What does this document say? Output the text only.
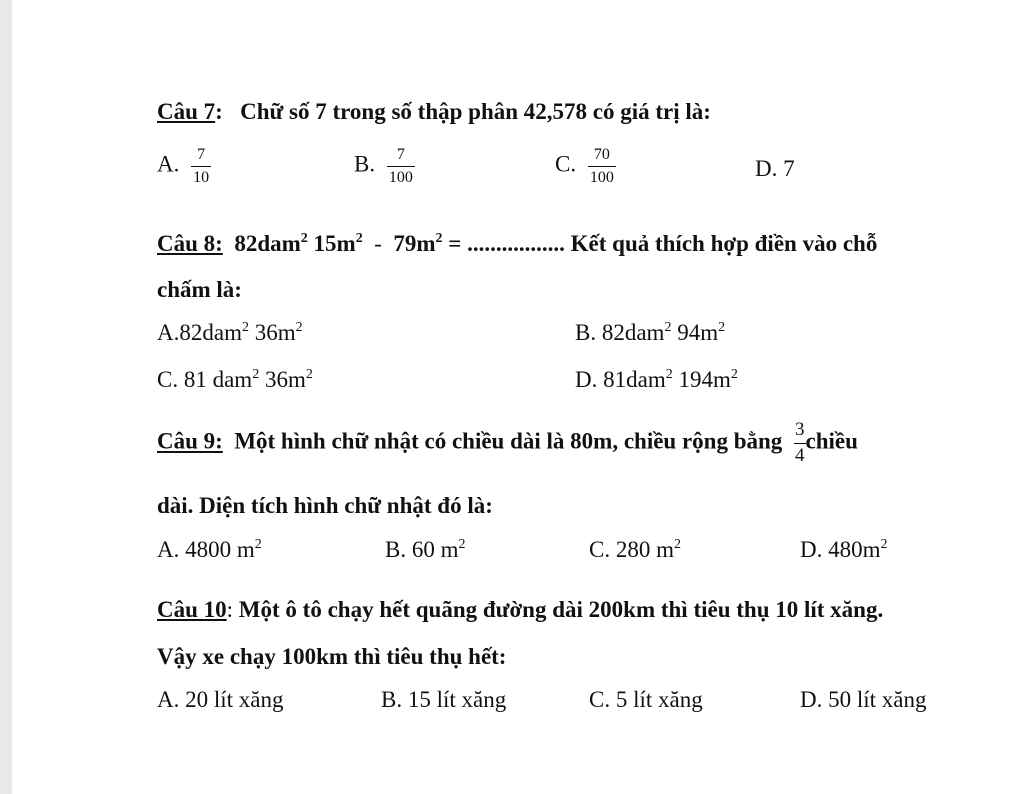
Câu 7: Chữ số 7 trong số thập phân 42,578 có giá trị là:
A. $\frac{7}{10}$	B. $\frac{7}{100}$	C. $\frac{70}{100}$	D. 7
Câu 8: 82dam$^2$ $15m^2 - 79m^2$ = ................. Kết quả thích hợp điền vào chỗ
chấm là:
A.82dam$^2$ $36m^2$	B. 82dam$^2$ $94m^2$
C. 81 dam$^2$ $36m^2$	D. 81dam$^2$ $194m^2$
Câu 9: Một hình chữ nhật có chiều dài là 80m, chiều rộng bằng $\frac{3}{4}$ chiều
dài. Diện tích hình chữ nhật đó là:
A. 4800 $m^2$	B. 60 $m^2$	C. 280 $m^2$	D. $480m^2$
Câu 10: Một ô tô chạy hết quãng đường dài 200km thì tiêu thụ 10 lít xăng.
Vậy xe chạy 100km thì tiêu thụ hết:
A. 20 lít xăng	B. 15 lít xăng	C. 5 lít xăng	D. 50 lít xăng
